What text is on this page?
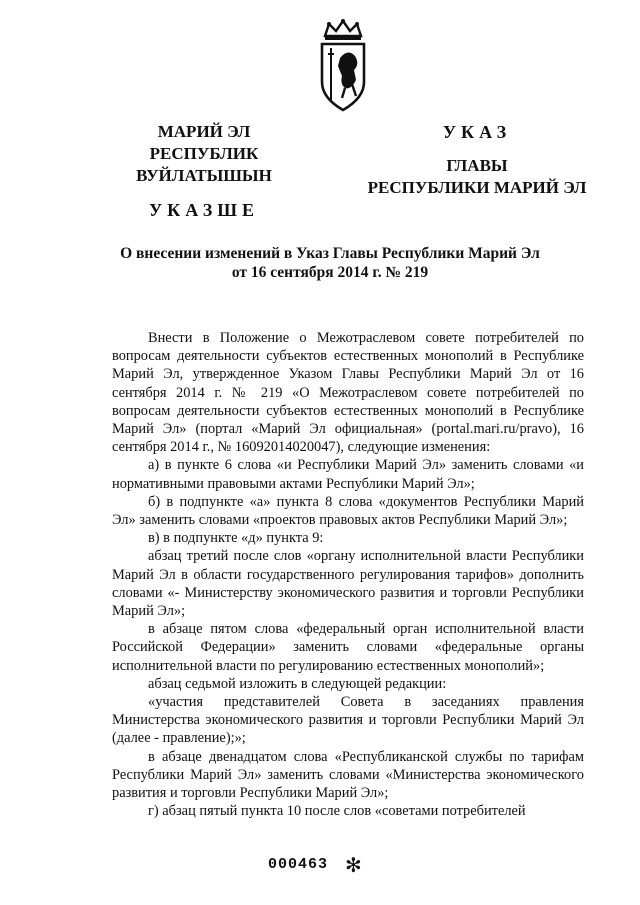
МАРИЙ ЭЛ РЕСПУБЛИК
ВУЙЛАТЫШЫН
УКАЗШЕ
УКАЗ
ГЛАВЫ
РЕСПУБЛИКИ МАРИЙ ЭЛ
О внесении изменений в Указ Главы Республики Марий Эл
от 16 сентября 2014 г. № 219

Внести в Положение о Межотраслевом совете потребителей по вопросам деятельности субъектов естественных монополий в Республике Марий Эл, утвержденное Указом Главы Республики Марий Эл от 16 сентября 2014 г. № 219 «О Межотраслевом совете потребителей по вопросам деятельности субъектов естественных монополий в Республике Марий Эл» (портал «Марий Эл официальная» (portal.mari.ru/pravo), 16 сентября 2014 г., № 16092014020047), следующие изменения:

а) в пункте 6 слова «и Республики Марий Эл» заменить словами «и нормативными правовыми актами Республики Марий Эл»;

б) в подпункте «а» пункта 8 слова «документов Республики Марий Эл» заменить словами «проектов правовых актов Республики Марий Эл»;

в) в подпункте «д» пункта 9:

абзац третий после слов «органу исполнительной власти Республики Марий Эл в области государственного регулирования тарифов» дополнить словами «- Министерству экономического развития и торговли Республики Марий Эл»;

в абзаце пятом слова «федеральный орган исполнительной власти Российской Федерации» заменить словами «федеральные органы исполнительной власти по регулированию естественных монополий»;

абзац седьмой изложить в следующей редакции:

«участия представителей Совета в заседаниях правления Министерства экономического развития и торговли Республики Марий Эл (далее - правление);»;

в абзаце двенадцатом слова «Республиканской службы по тарифам Республики Марий Эл» заменить словами «Министерства экономического развития и торговли Республики Марий Эл»;

г) абзац пятый пункта 10 после слов «советами потребителей

000463 ✻
